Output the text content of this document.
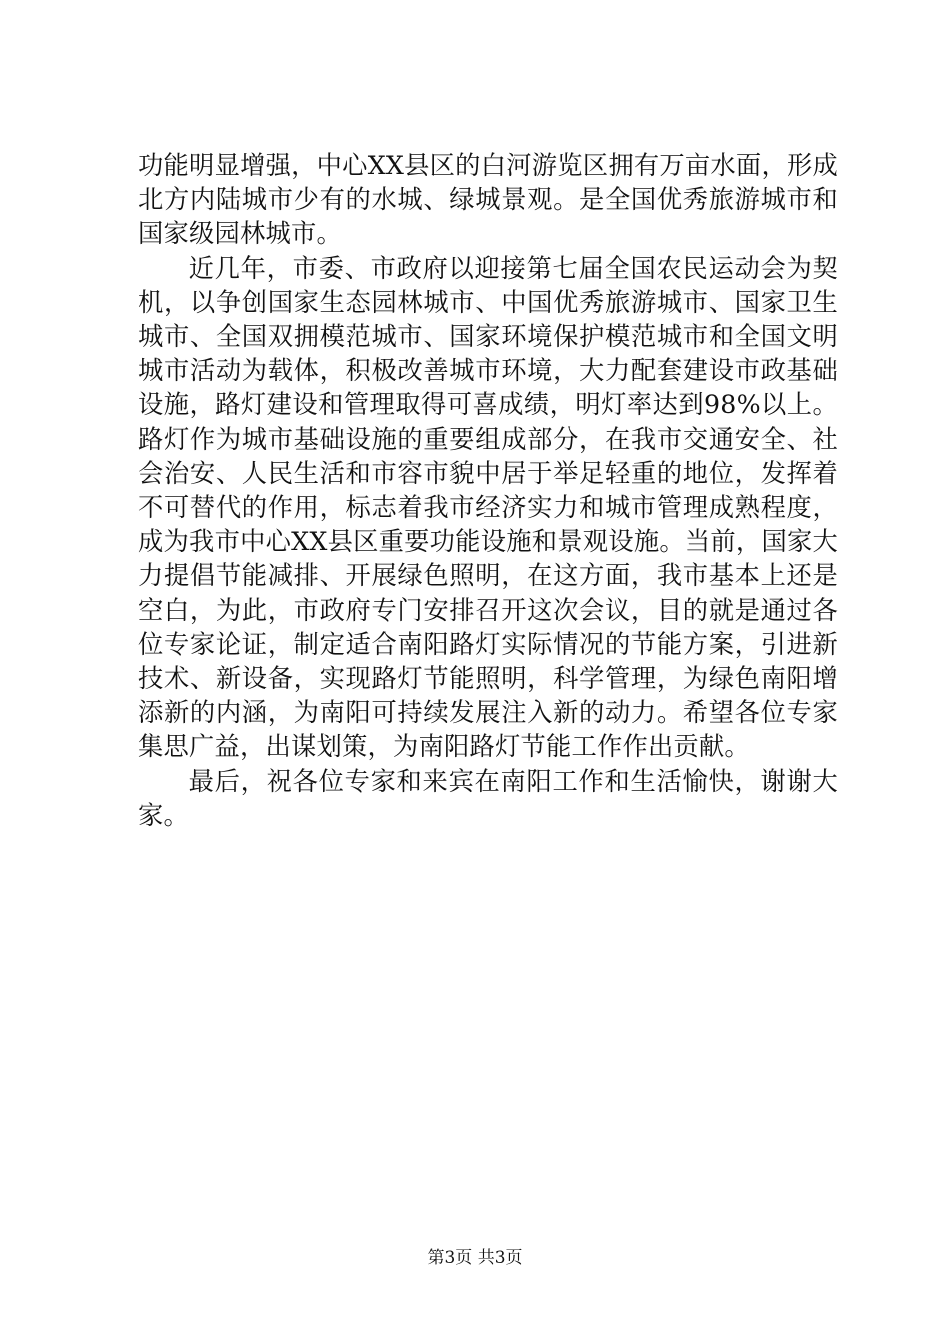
功能明显增强，中心XX县区的白河游览区拥有万亩水面，形成北方内陆城市少有的水城、绿城景观。是全国优秀旅游城市和国家级园林城市。

近几年，市委、市政府以迎接第七届全国农民运动会为契机，以争创国家生态园林城市、中国优秀旅游城市、国家卫生城市、全国双拥模范城市、国家环境保护模范城市和全国文明城市活动为载体，积极改善城市环境，大力配套建设市政基础设施，路灯建设和管理取得可喜成绩，明灯率达到98%以上。路灯作为城市基础设施的重要组成部分，在我市交通安全、社会治安、人民生活和市容市貌中居于举足轻重的地位，发挥着不可替代的作用，标志着我市经济实力和城市管理成熟程度，成为我市中心XX县区重要功能设施和景观设施。当前，国家大力提倡节能减排、开展绿色照明，在这方面，我市基本上还是空白，为此，市政府专门安排召开这次会议，目的就是通过各位专家论证，制定适合南阳路灯实际情况的节能方案，引进新技术、新设备，实现路灯节能照明，科学管理，为绿色南阳增添新的内涵，为南阳可持续发展注入新的动力。希望各位专家集思广益，出谋划策，为南阳路灯节能工作作出贡献。

最后，祝各位专家和来宾在南阳工作和生活愉快，谢谢大家。

第3页 共3页
